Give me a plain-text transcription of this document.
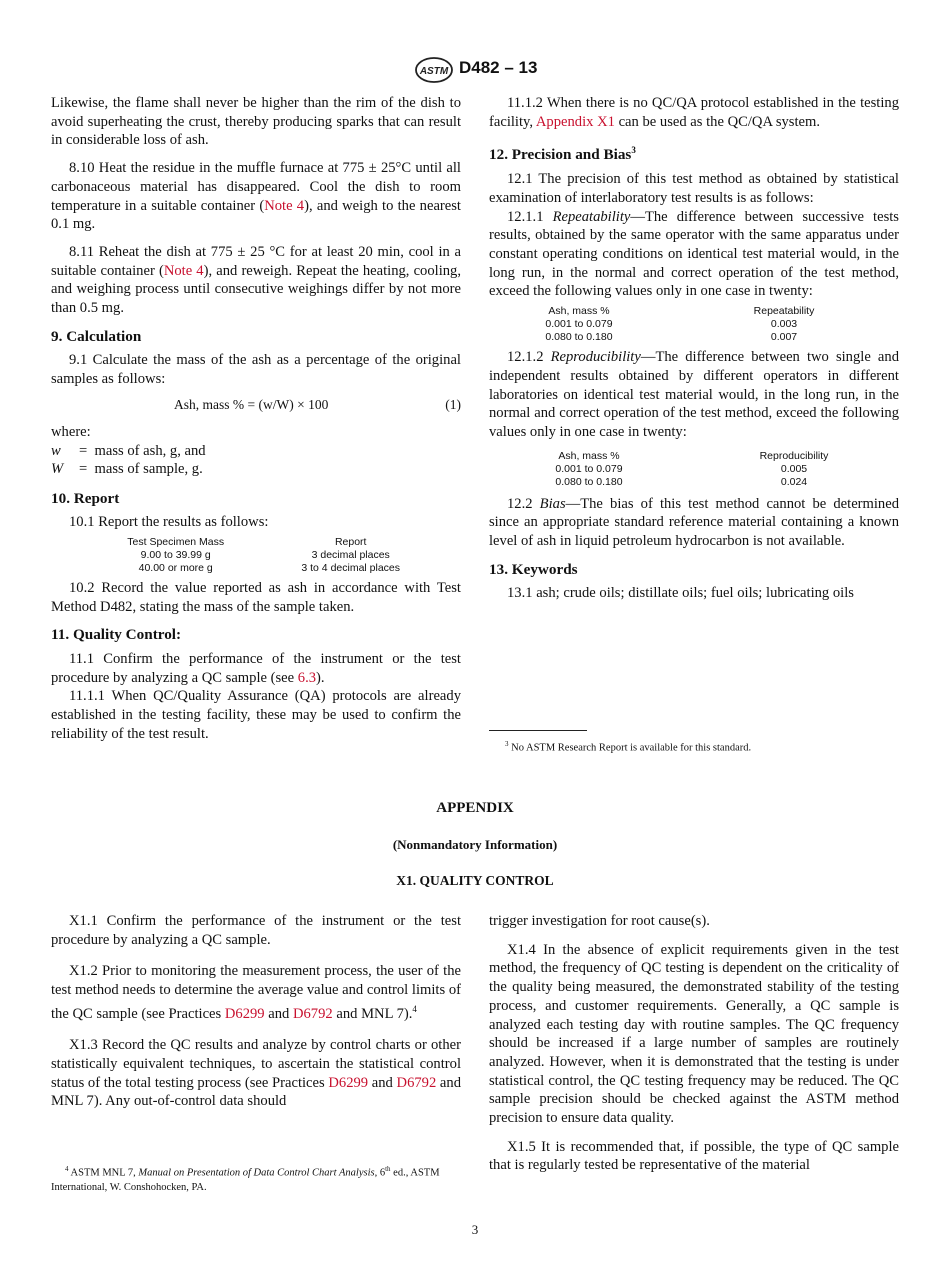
ASTM D482 – 13

Likewise, the flame shall never be higher than the rim of the dish to avoid superheating the crust, thereby producing sparks that can result in considerable loss of ash.

8.10 Heat the residue in the muffle furnace at 775 ± 25°C until all carbonaceous material has disappeared. Cool the dish to room temperature in a suitable container (Note 4), and weigh to the nearest 0.1 mg.

8.11 Reheat the dish at 775 ± 25 °C for at least 20 min, cool in a suitable container (Note 4), and reweigh. Repeat the heating, cooling, and weighing process until consecutive weighings differ by not more than 0.5 mg.

9. Calculation

9.1 Calculate the mass of the ash as a percentage of the original samples as follows:

Ash, mass % = (w/W) × 100	(1)

where:

w =  mass of ash, g, and
W =  mass of sample, g.

10. Report

10.1 Report the results as follows:

Test Specimen Mass	Report
9.00 to 39.99 g	3 decimal places
40.00 or more g	3 to 4 decimal places

10.2 Record the value reported as ash in accordance with Test Method D482, stating the mass of the sample taken.

11. Quality Control:

11.1 Confirm the performance of the instrument or the test procedure by analyzing a QC sample (see 6.3).

11.1.1 When QC/Quality Assurance (QA) protocols are already established in the testing facility, these may be used to confirm the reliability of the test result.

11.1.2 When there is no QC/QA protocol established in the testing facility, Appendix X1 can be used as the QC/QA system.

12. Precision and Bias$^3$

12.1 The precision of this test method as obtained by statistical examination of interlaboratory test results is as follows:

12.1.1 Repeatability—The difference between successive tests results, obtained by the same operator with the same apparatus under constant operating conditions on identical test material would, in the long run, in the normal and correct operation of the test method, exceed the following values only in one case in twenty:

Ash, mass %	Repeatability
0.001 to 0.079	0.003
0.080 to 0.180	0.007

12.1.2 Reproducibility—The difference between two single and independent results obtained by different operators in different laboratories on identical test material would, in the long run, in the normal and correct operation of the test method, exceed the following values only in one case in twenty:

Ash, mass %	Reproducibility
0.001 to 0.079	0.005
0.080 to 0.180	0.024

12.2 Bias—The bias of this test method cannot be determined since an appropriate standard reference material containing a known level of ash in liquid petroleum hydrocarbon is not available.

13. Keywords

13.1 ash; crude oils; distillate oils; fuel oils; lubricating oils

$^3$ No ASTM Research Report is available for this standard.
APPENDIX
(Nonmandatory Information)
X1. QUALITY CONTROL

X1.1 Confirm the performance of the instrument or the test procedure by analyzing a QC sample.

X1.2 Prior to monitoring the measurement process, the user of the test method needs to determine the average value and control limits of the QC sample (see Practices D6299 and D6792 and MNL 7).$^4$

X1.3 Record the QC results and analyze by control charts or other statistically equivalent techniques, to ascertain the statistical control status of the total testing process (see Practices D6299 and D6792 and MNL 7). Any out-of-control data should

$^4$ ASTM MNL 7, Manual on Presentation of Data Control Chart Analysis, 6th ed., ASTM International, W. Conshohocken, PA.

trigger investigation for root cause(s).

X1.4 In the absence of explicit requirements given in the test method, the frequency of QC testing is dependent on the criticality of the quality being measured, the demonstrated stability of the testing process, and customer requirements. Generally, a QC sample is analyzed each testing day with routine samples. The QC frequency should be increased if a large number of samples are routinely analyzed. However, when it is demonstrated that the testing is under statistical control, the QC testing frequency may be reduced. The QC sample precision should be checked against the ASTM method precision to ensure data quality.

X1.5 It is recommended that, if possible, the type of QC sample that is regularly tested be representative of the material

3
